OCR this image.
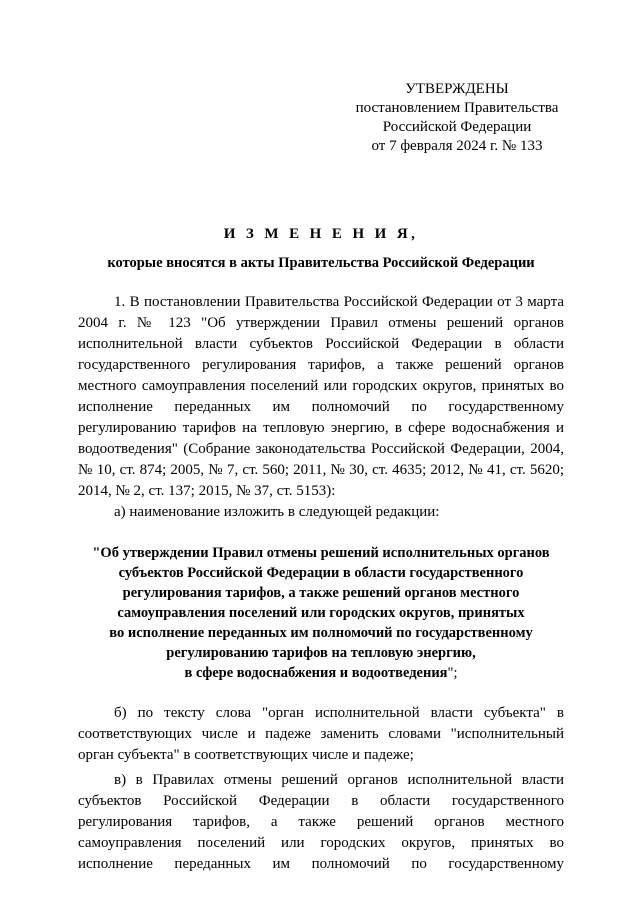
УТВЕРЖДЕНЫ
постановлением Правительства
Российской Федерации
от 7 февраля 2024 г. № 133
И З М Е Н Е Н И Я,
которые вносятся в акты Правительства Российской Федерации

1. В постановлении Правительства Российской Федерации от 3 марта 2004 г. № 123 "Об утверждении Правил отмены решений органов исполнительной власти субъектов Российской Федерации в области государственного регулирования тарифов, а также решений органов местного самоуправления поселений или городских округов, принятых во исполнение переданных им полномочий по государственному регулированию тарифов на тепловую энергию, в сфере водоснабжения и водоотведения" (Собрание законодательства Российской Федерации, 2004, № 10, ст. 874; 2005, № 7, ст. 560; 2011, № 30, ст. 4635; 2012, № 41, ст. 5620; 2014, № 2, ст. 137; 2015, № 37, ст. 5153):

а) наименование изложить в следующей редакции:

"Об утверждении Правил отмены решений исполнительных органов
субъектов Российской Федерации в области государственного
регулирования тарифов, а также решений органов местного
самоуправления поселений или городских округов, принятых
во исполнение переданных им полномочий по государственному
регулированию тарифов на тепловую энергию,
в сфере водоснабжения и водоотведения";

б) по тексту слова "орган исполнительной власти субъекта" в соответствующих числе и падеже заменить словами "исполнительный орган субъекта" в соответствующих числе и падеже;

в) в Правилах отмены решений органов исполнительной власти субъектов Российской Федерации в области государственного регулирования тарифов, а также решений органов местного самоуправления поселений или городских округов, принятых во исполнение переданных им полномочий по государственному
